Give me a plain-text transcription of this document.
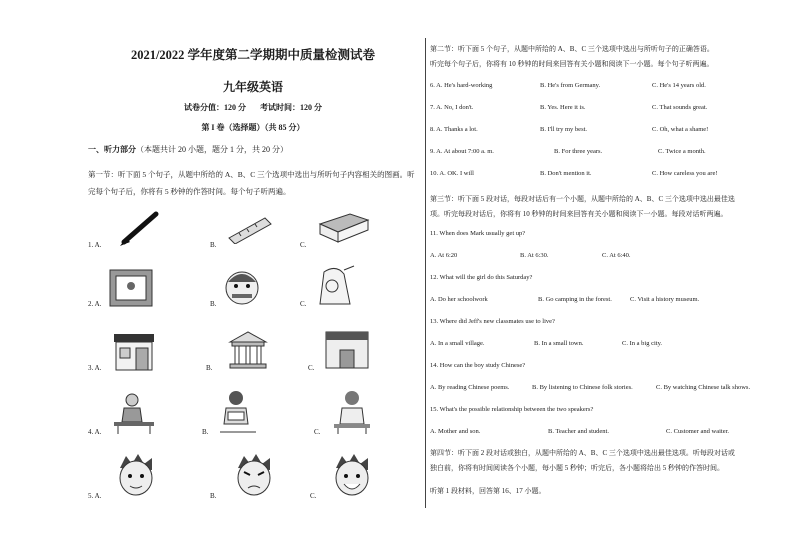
2021/2022 学年度第二学期期中质量检测试卷
九年级英语
试卷分值：120 分 考试时间：120 分
第 I 卷（选择题）（共 85 分）
一、听力部分（本题共计 20 小题，题分 1 分，共 20 分）
第一节：听下面 5 个句子，从题中所给的 A、B、C 三个选项中选出与所听句子内容相关的图画。听完每个句子后，你将有 5 秒钟的作答时间。每个句子听两遍。
1. A.	B.	C.
2. A.	B.	C.
3. A.	B.	C.
4. A.	B.	C.
5. A.	B.	C.
第二节：听下面 5 个句子，从题中所给的 A、B、C 三个选项中选出与所听句子的正确答语。
听完每个句子后，你将有 10 秒钟的时间来回答有关小题和阅读下一小题。每个句子听两遍。
6. A. He's hard-working	B. He's from Germany.	C. He's 14 years old.
7. A. No, I don't.	B. Yes. Here it is.	C. That sounds great.
8. A. Thanks a lot.	B. I'll try my best.	C. Oh, what a shame!
9. A. At about 7:00 a. m.	B. For three years.	C. Twice a month.
10. A. OK. I will	B. Don't mention it.	C. How careless you are!
第三节：听下面 5 段对话，每段对话后有一个小题，从题中所给的 A、B、C 三个选项中选出最佳选
项。听完每段对话后，你将有 10 秒钟的时间来回答有关小题和阅读下一小题。每段对话听两遍。
11. When does Mark usually get up?
A. At 6:20	B. At 6:30.	C. At 6:40.
12. What will the girl do this Saturday?
A. Do her schoolwork	B. Go camping in the forest.	C. Visit a history museum.
13. Where did Jeff's new classmates use to live?
A. In a small village.	B. In a small town.	C. In a big city.
14. How can the boy study Chinese?
A. By reading Chinese poems.	B. By listening to Chinese folk stories.	C. By watching Chinese talk shows.
15. What's the possible relationship between the two speakers?
A. Mother and son.	B. Teacher and student.	C. Customer and waiter.
第四节：听下面 2 段对话或独白，从题中所给的 A、B、C 三个选项中选出最佳选项。听每段对话或
独白前，你将有时间阅读各个小题，每小题 5 秒钟；听完后，各小题将给出 5 秒钟的作答时间。
听第 1 段材料，回答第 16、17 小题。
